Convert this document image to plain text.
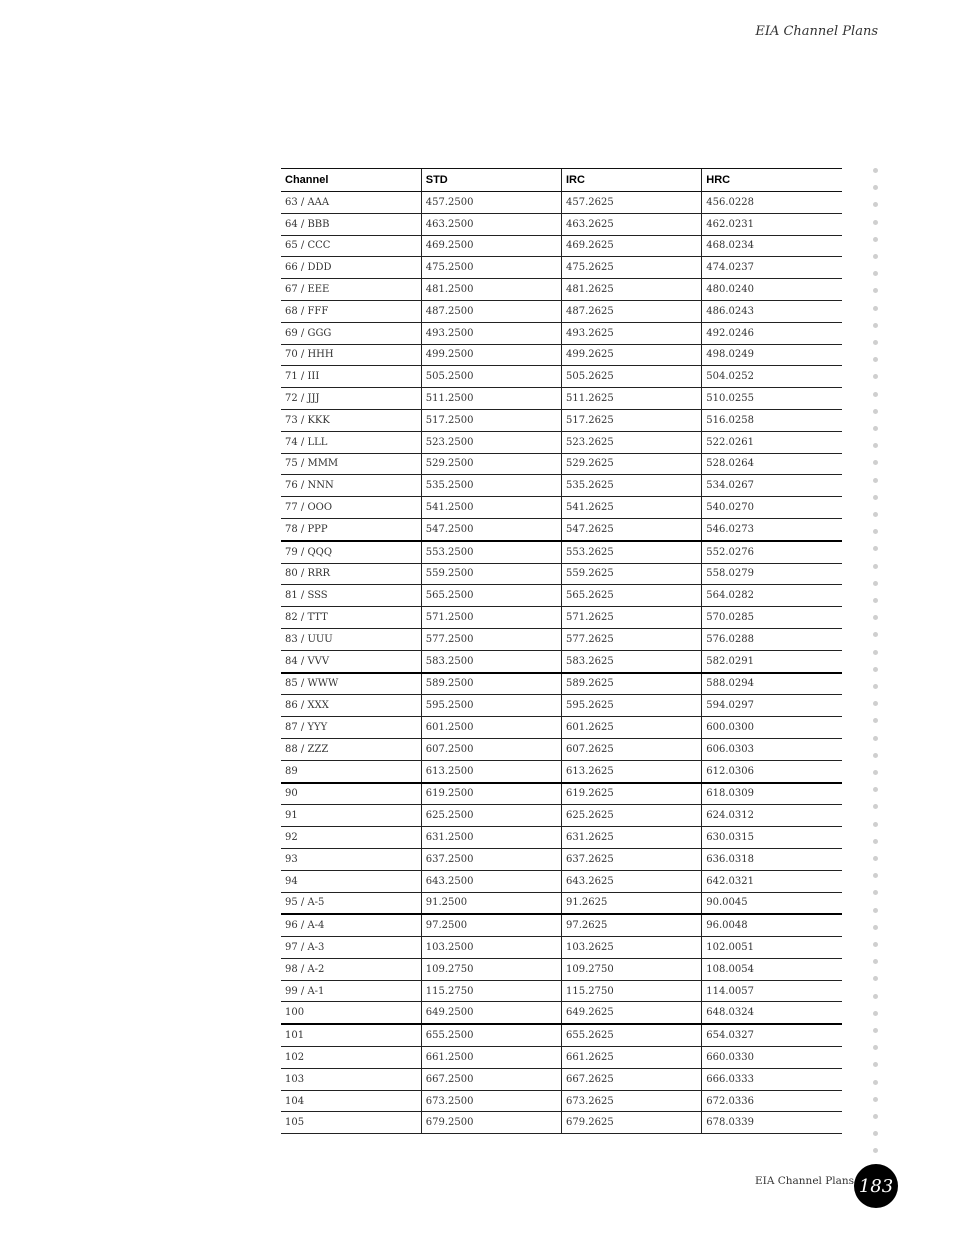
EIA Channel Plans
Channel	STD	IRC	HRC
63 / AAA	457.2500	457.2625	456.0228
64 / BBB	463.2500	463.2625	462.0231
65 / CCC	469.2500	469.2625	468.0234
66 / DDD	475.2500	475.2625	474.0237
67 / EEE	481.2500	481.2625	480.0240
68 / FFF	487.2500	487.2625	486.0243
69 / GGG	493.2500	493.2625	492.0246
70 / HHH	499.2500	499.2625	498.0249
71 / III	505.2500	505.2625	504.0252
72 / JJJ	511.2500	511.2625	510.0255
73 / KKK	517.2500	517.2625	516.0258
74 / LLL	523.2500	523.2625	522.0261
75 / MMM	529.2500	529.2625	528.0264
76 / NNN	535.2500	535.2625	534.0267
77 / OOO	541.2500	541.2625	540.0270
78 / PPP	547.2500	547.2625	546.0273
79 / QQQ	553.2500	553.2625	552.0276
80 / RRR	559.2500	559.2625	558.0279
81 / SSS	565.2500	565.2625	564.0282
82 / TTT	571.2500	571.2625	570.0285
83 / UUU	577.2500	577.2625	576.0288
84 / VVV	583.2500	583.2625	582.0291
85 / WWW	589.2500	589.2625	588.0294
86 / XXX	595.2500	595.2625	594.0297
87 / YYY	601.2500	601.2625	600.0300
88 / ZZZ	607.2500	607.2625	606.0303
89	613.2500	613.2625	612.0306
90	619.2500	619.2625	618.0309
91	625.2500	625.2625	624.0312
92	631.2500	631.2625	630.0315
93	637.2500	637.2625	636.0318
94	643.2500	643.2625	642.0321
95 / A-5	91.2500	91.2625	90.0045
96 / A-4	97.2500	97.2625	96.0048
97 / A-3	103.2500	103.2625	102.0051
98 / A-2	109.2750	109.2750	108.0054
99 / A-1	115.2750	115.2750	114.0057
100	649.2500	649.2625	648.0324
101	655.2500	655.2625	654.0327
102	661.2500	661.2625	660.0330
103	667.2500	667.2625	666.0333
104	673.2500	673.2625	672.0336
105	679.2500	679.2625	678.0339
EIA Channel Plans 183
